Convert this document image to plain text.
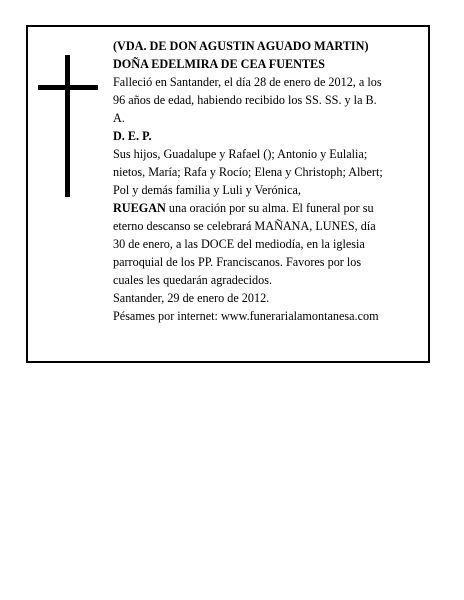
(VDA. DE DON AGUSTIN AGUADO MARTIN)
DOÑA EDELMIRA DE CEA FUENTES
Falleció en Santander, el día 28 de enero de 2012, a los
96 años de edad, habiendo recibido los SS. SS. y la B.
A.
D. E. P.
Sus hijos, Guadalupe y Rafael (); Antonio y Eulalia;
nietos, María; Rafa y Rocío; Elena y Christoph; Albert;
Pol y demás familia y Luli y Verónica,
RUEGAN una oración por su alma. El funeral por su
eterno descanso se celebrará MAÑANA, LUNES, día
30 de enero, a las DOCE del mediodía, en la iglesia
parroquial de los PP. Franciscanos. Favores por los
cuales les quedarán agradecidos.
Santander, 29 de enero de 2012.
Pésames por internet: www.funerarialamontanesa.com
